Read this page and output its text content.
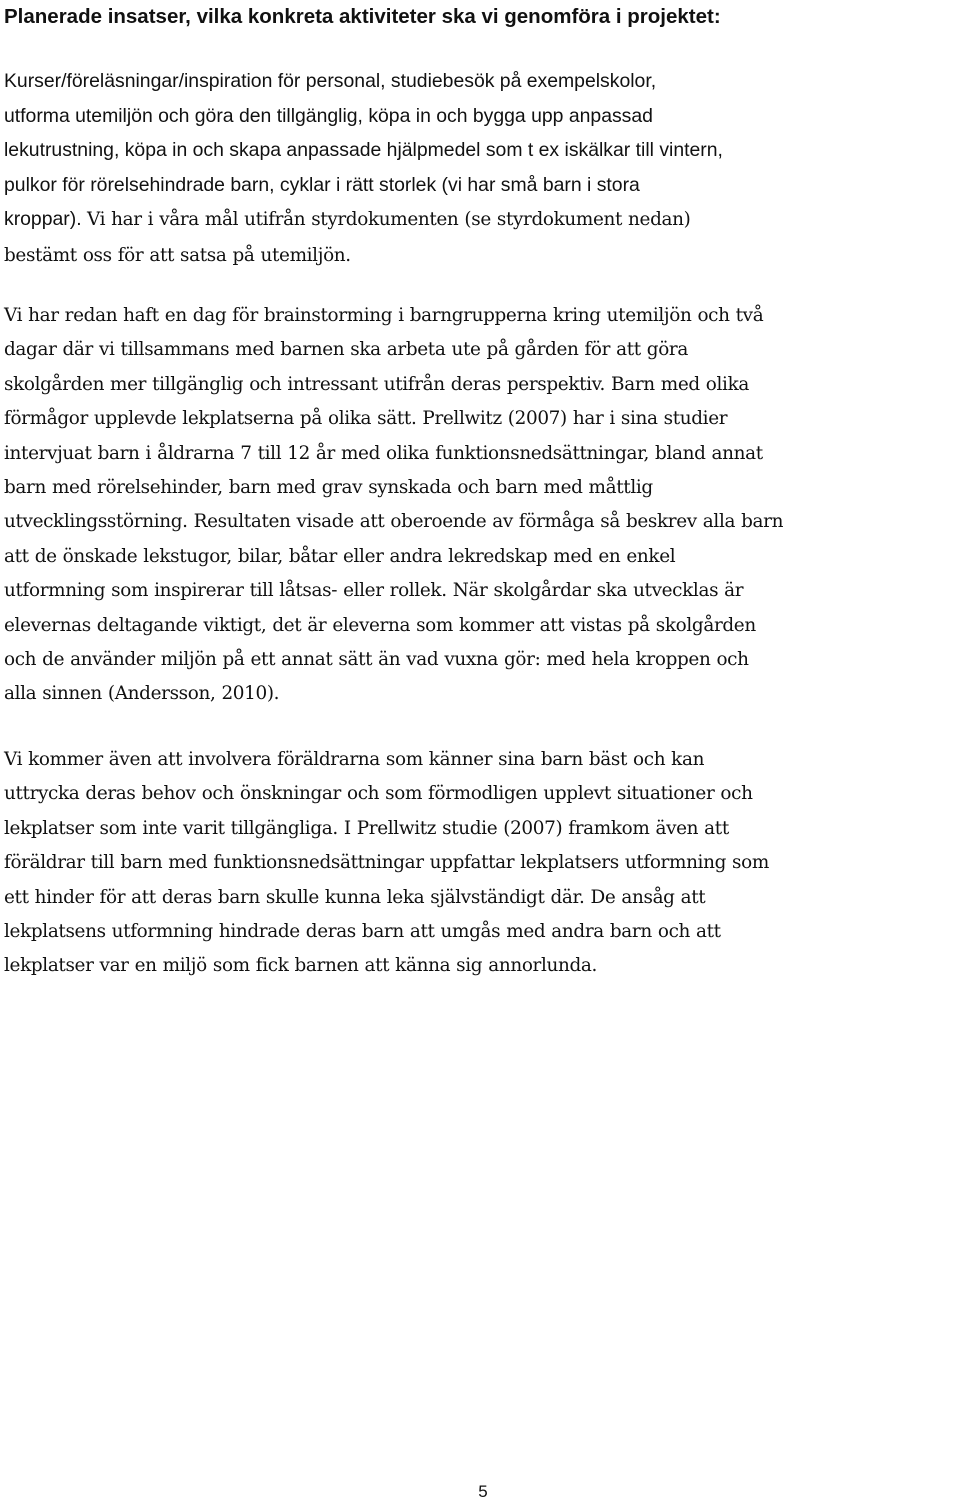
Planerade insatser, vilka konkreta aktiviteter ska vi genomföra i projektet:

Kurser/föreläsningar/inspiration för personal, studiebesök på exempelskolor,
utforma utemiljön och göra den tillgänglig, köpa in och bygga upp anpassad
lekutrustning, köpa in och skapa anpassade hjälpmedel som t ex iskälkar till vintern,
pulkor för rörelsehindrade barn, cyklar i rätt storlek (vi har små barn i stora
kroppar). Vi har i våra mål utifrån styrdokumenten (se styrdokument nedan)
bestämt oss för att satsa på utemiljön.

Vi har redan haft en dag för brainstorming i barngrupperna kring utemiljön och två
dagar där vi tillsammans med barnen ska arbeta ute på gården för att göra
skolgården mer tillgänglig och intressant utifrån deras perspektiv. Barn med olika
förmågor upplevde lekplatserna på olika sätt. Prellwitz (2007) har i sina studier
intervjuat barn i åldrarna 7 till 12 år med olika funktionsnedsättningar, bland annat
barn med rörelsehinder, barn med grav synskada och barn med måttlig
utvecklingsstörning. Resultaten visade att oberoende av förmåga så beskrev alla barn
att de önskade lekstugor, bilar, båtar eller andra lekredskap med en enkel
utformning som inspirerar till låtsas- eller rollek. När skolgårdar ska utvecklas är
elevernas deltagande viktigt, det är eleverna som kommer att vistas på skolgården
och de använder miljön på ett annat sätt än vad vuxna gör: med hela kroppen och
alla sinnen (Andersson, 2010).

Vi kommer även att involvera föräldrarna som känner sina barn bäst och kan
uttrycka deras behov och önskningar och som förmodligen upplevt situationer och
lekplatser som inte varit tillgängliga. I Prellwitz studie (2007) framkom även att
föräldrar till barn med funktionsnedsättningar uppfattar lekplatsers utformning som
ett hinder för att deras barn skulle kunna leka självständigt där. De ansåg att
lekplatsens utformning hindrade deras barn att umgås med andra barn och att
lekplatser var en miljö som fick barnen att känna sig annorlunda.

5
